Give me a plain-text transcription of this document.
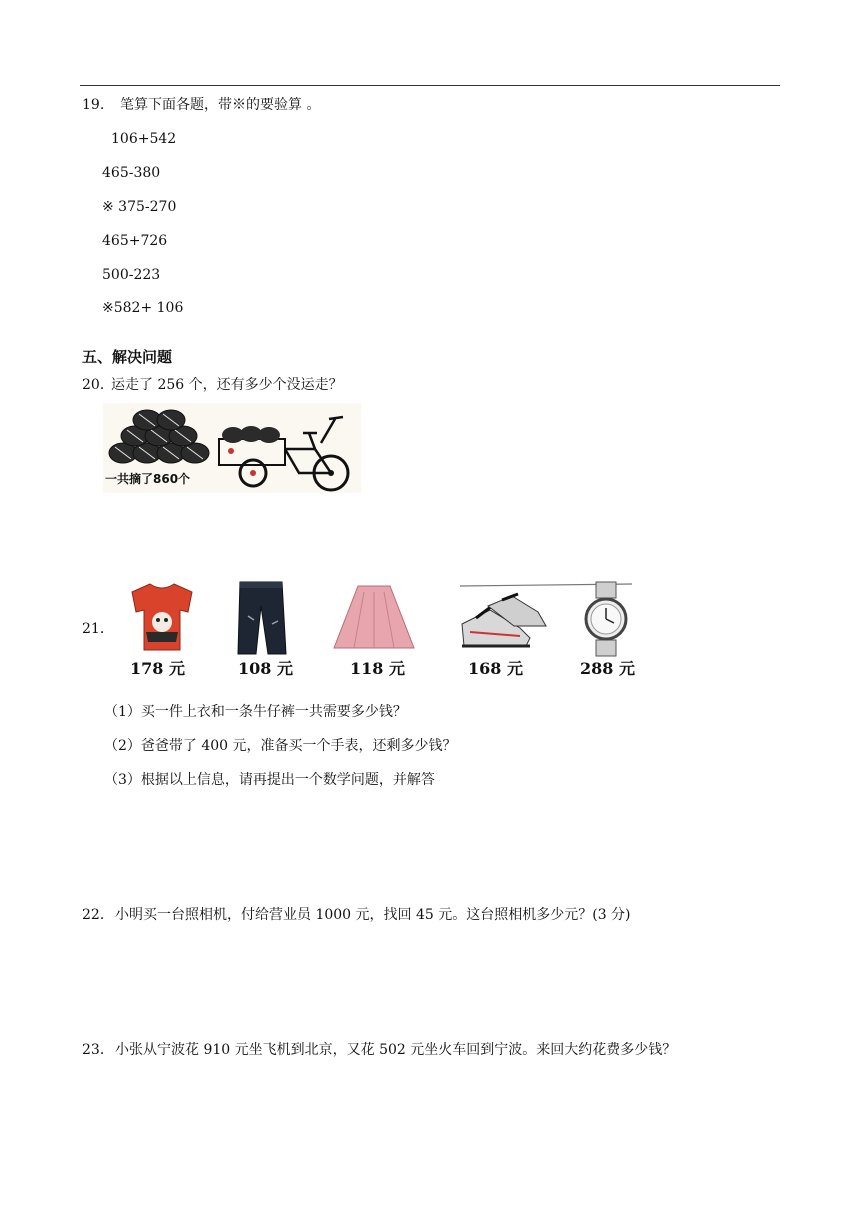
19. 笔算下面各题，带※的要验算 。
106+542
465-380
※ 375-270
465+726
500-223
※582+ 106
五、解决问题
20．
运走了 256 个，还有多少个没运走？
一共摘了860个
21．
178 元	108 元	118 元	168 元	288 元
（1）买一件上衣和一条牛仔裤一共需要多少钱？
（2）爸爸带了 400 元，准备买一个手表，还剩多少钱？
（3）根据以上信息，请再提出一个数学问题，并解答
22． 小明买一台照相机，付给营业员 1000 元，找回 45 元。这台照相机多少元？(3 分)
23． 小张从宁波花 910 元坐飞机到北京，又花 502 元坐火车回到宁波。来回大约花费多少钱？
